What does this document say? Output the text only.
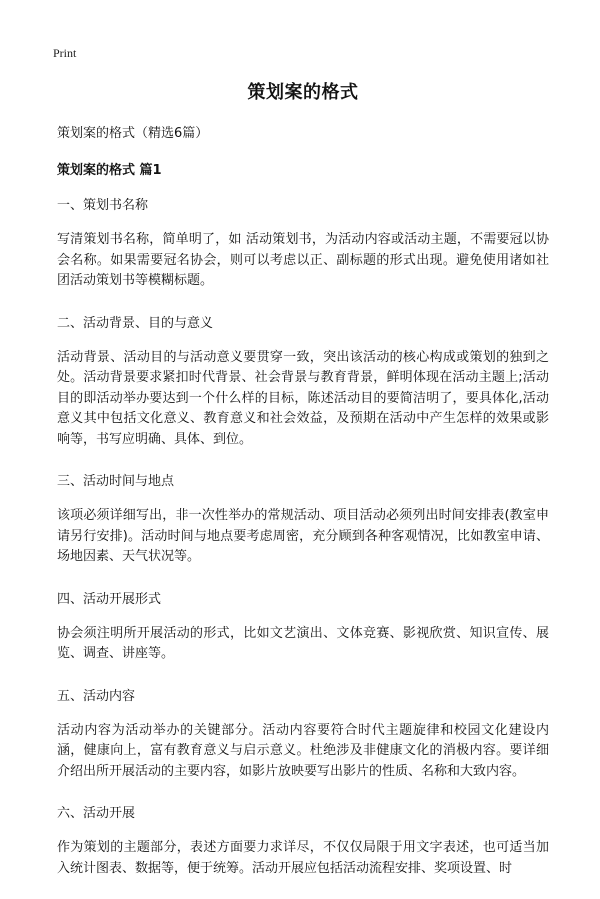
Print
策划案的格式
策划案的格式（精选6篇）
策划案的格式 篇1
一、策划书名称
写清策划书名称，简单明了，如 活动策划书，为活动内容或活动主题，不需要冠以协会名称。如果需要冠名协会，则可以考虑以正、副标题的形式出现。避免使用诸如社团活动策划书等模糊标题。
二、活动背景、目的与意义
活动背景、活动目的与活动意义要贯穿一致，突出该活动的核心构成或策划的独到之处。活动背景要求紧扣时代背景、社会背景与教育背景，鲜明体现在活动主题上;活动目的即活动举办要达到一个什么样的目标，陈述活动目的要简洁明了，要具体化,活动意义其中包括文化意义、教育意义和社会效益，及预期在活动中产生怎样的效果或影响等，书写应明确、具体、到位。
三、活动时间与地点
该项必须详细写出，非一次性举办的常规活动、项目活动必须列出时间安排表(教室申请另行安排)。活动时间与地点要考虑周密，充分顾到各种客观情况，比如教室申请、场地因素、天气状况等。
四、活动开展形式
协会须注明所开展活动的形式，比如文艺演出、文体竞赛、影视欣赏、知识宣传、展览、调查、讲座等。
五、活动内容
活动内容为活动举办的关键部分。活动内容要符合时代主题旋律和校园文化建设内涵，健康向上，富有教育意义与启示意义。杜绝涉及非健康文化的消极内容。要详细介绍出所开展活动的主要内容，如影片放映要写出影片的性质、名称和大致内容。
六、活动开展
作为策划的主题部分，表述方面要力求详尽，不仅仅局限于用文字表述，也可适当加入统计图表、数据等，便于统筹。活动开展应包括活动流程安排、奖项设置、时
